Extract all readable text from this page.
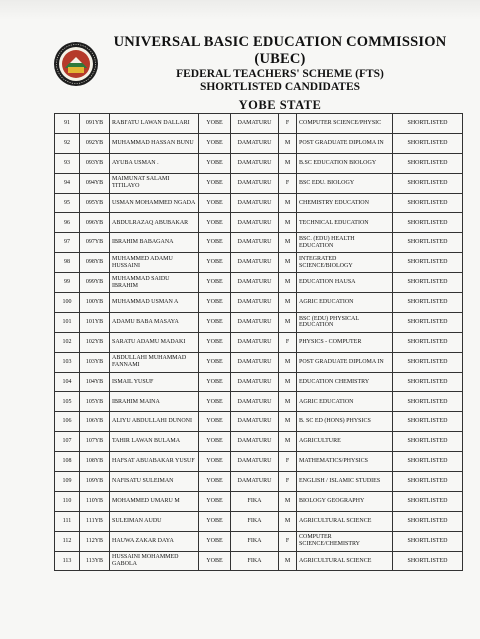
UNIVERSAL BASIC EDUCATION COMMISSION (UBEC)
FEDERAL TEACHERS' SCHEME (FTS)
SHORTLISTED CANDIDATES
YOBE STATE
91	091YB	RABI'ATU LAWAN DALLARI	YOBE	DAMATURU	F	COMPUTER SCIENCE/PHYSIC	SHORTLISTED
92	092YB	MUHAMMAD HASSAN BUNU	YOBE	DAMATURU	M	POST GRADUATE DIPLOMA IN	SHORTLISTED
93	093YB	AYUBA USMAN .	YOBE	DAMATURU	M	B.SC EDUCATION BIOLOGY	SHORTLISTED
94	094YB	MAIMUNAT SALAMI TITILAYO	YOBE	DAMATURU	F	BSC EDU. BIOLOGY	SHORTLISTED
95	095YB	USMAN MOHAMMED NGADA	YOBE	DAMATURU	M	CHEMISTRY EDUCATION	SHORTLISTED
96	096YB	ABDULRAZAQ ABUBAKAR	YOBE	DAMATURU	M	TECHNICAL EDUCATION	SHORTLISTED
97	097YB	IBRAHIM BABAGANA	YOBE	DAMATURU	M	BSC. (EDU) HEALTH EDUCATION	SHORTLISTED
98	098YB	MUHAMMED ADAMU HUSSAINI	YOBE	DAMATURU	M	INTEGRATED SCIENCE/BIOLOGY	SHORTLISTED
99	099YB	MUHAMMAD SAIDU IBRAHIM	YOBE	DAMATURU	M	EDUCATION HAUSA	SHORTLISTED
100	100YB	MUHAMMAD USMAN A	YOBE	DAMATURU	M	AGRIC EDUCATION	SHORTLISTED
101	101YB	ADAMU BABA MASAYA	YOBE	DAMATURU	M	BSC (EDU) PHYSICAL EDUCATION	SHORTLISTED
102	102YB	SARATU ADAMU MADAKI	YOBE	DAMATURU	F	PHYSICS - COMPUTER	SHORTLISTED
103	103YB	ABDULLAHI MUHAMMAD FANNAMI	YOBE	DAMATURU	M	POST GRADUATE DIPLOMA IN	SHORTLISTED
104	104YB	ISMAIL YUSUF	YOBE	DAMATURU	M	EDUCATION CHEMISTRY	SHORTLISTED
105	105YB	IBRAHIM MAINA	YOBE	DAMATURU	M	AGRIC EDUCATION	SHORTLISTED
106	106YB	ALIYU ABDULLAHI DUNONI	YOBE	DAMATURU	M	B. SC ED (HONS) PHYSICS	SHORTLISTED
107	107YB	TAHIR LAWAN BULAMA	YOBE	DAMATURU	M	AGRICULTURE	SHORTLISTED
108	108YB	HAFSAT ABUABAKAR YUSUF	YOBE	DAMATURU	F	MATHEMATICS/PHYSICS	SHORTLISTED
109	109YB	NAFISATU SULEIMAN	YOBE	DAMATURU	F	ENGLISH / ISLAMIC STUDIES	SHORTLISTED
110	110YB	MOHAMMED UMARU M	YOBE	FIKA	M	BIOLOGY GEOGRAPHY	SHORTLISTED
111	111YB	SULEIMAN AUDU	YOBE	FIKA	M	AGRICULTURAL SCIENCE	SHORTLISTED
112	112YB	HAUWA ZAKAR DAYA	YOBE	FIKA	F	COMPUTER SCIENCE/CHEMISTRY	SHORTLISTED
113	113YB	HUSSAINI MOHAMMED GABOLA	YOBE	FIKA	M	AGRICULTURAL SCIENCE	SHORTLISTED
